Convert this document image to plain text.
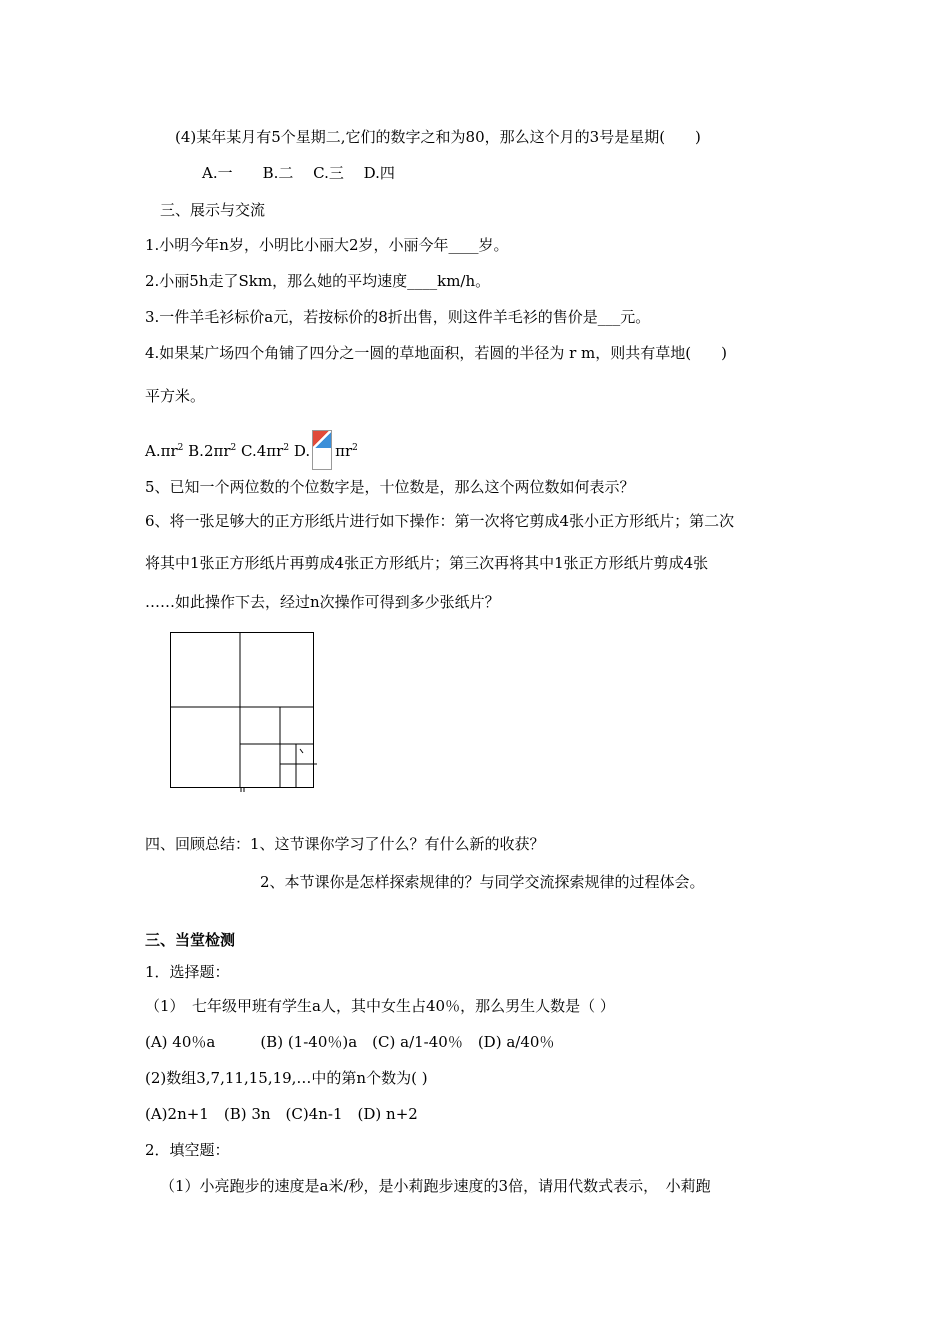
(4)某年某月有5个星期二,它们的数字之和为80，那么这个月的3号是星期(　　)
A.一　　B.二　 C.三　 D.四
三、展示与交流
1.小明今年n岁，小明比小丽大2岁，小丽今年____岁。
2.小丽5h走了Skm，那么她的平均速度____km/h。
3.一件羊毛衫标价a元，若按标价的8折出售，则这件羊毛衫的售价是___元。
4.如果某广场四个角铺了四分之一圆的草地面积，若圆的半径为 r m，则共有草地(　　)
平方米。
$A.\pi r^2$ $B.2\pi r^2$ $C.4\pi r^2$ D. $\pi r^2$
5、已知一个两位数的个位数字是，十位数是，那么这个两位数如何表示？
6、将一张足够大的正方形纸片进行如下操作：第一次将它剪成4张小正方形纸片；第二次
将其中1张正方形纸片再剪成4张正方形纸片；第三次再将其中1张正方形纸片剪成4张
……如此操作下去，经过n次操作可得到多少张纸片？
四、回顾总结：1、这节课你学习了什么？有什么新的收获？
2、本节课你是怎样探索规律的？与同学交流探索规律的过程体会。
三、当堂检测
1．选择题：
（1）　七年级甲班有学生a人，其中女生占40％，那么男生人数是（ ）
(A) 40％a　　　(B) (1-40％)a　(C) a/1-40％　(D) a/40％
(2)数组3,7,11,15,19,…中的第n个数为( )
(A)2n+1　(B) 3n　(C)4n-1　(D) n+2
2．填空题：
（1）小亮跑步的速度是a米/秒，是小莉跑步速度的3倍，请用代数式表示，　小莉跑
